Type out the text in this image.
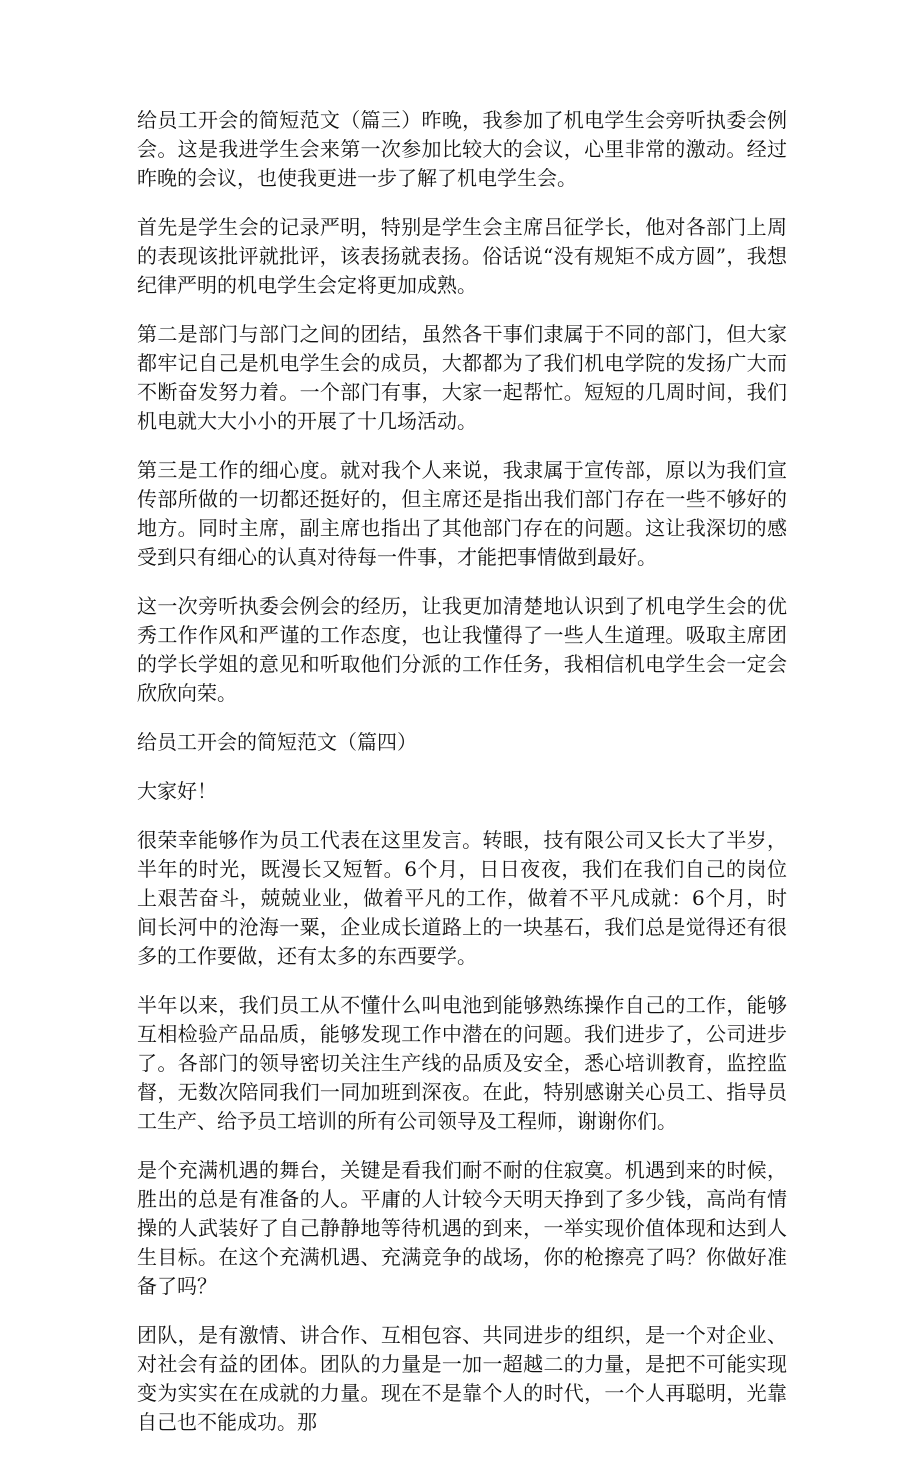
给员工开会的简短范文（篇三）昨晚，我参加了机电学生会旁听执委会例会。这是我进学生会来第一次参加比较大的会议，心里非常的激动。经过昨晚的会议，也使我更进一步了解了机电学生会。

首先是学生会的记录严明，特别是学生会主席吕征学长，他对各部门上周的表现该批评就批评，该表扬就表扬。俗话说“没有规矩不成方圆”，我想纪律严明的机电学生会定将更加成熟。

第二是部门与部门之间的团结，虽然各干事们隶属于不同的部门，但大家都牢记自己是机电学生会的成员，大都都为了我们机电学院的发扬广大而不断奋发努力着。一个部门有事，大家一起帮忙。短短的几周时间，我们机电就大大小小的开展了十几场活动。

第三是工作的细心度。就对我个人来说，我隶属于宣传部，原以为我们宣传部所做的一切都还挺好的，但主席还是指出我们部门存在一些不够好的地方。同时主席，副主席也指出了其他部门存在的问题。这让我深切的感受到只有细心的认真对待每一件事，才能把事情做到最好。

这一次旁听执委会例会的经历，让我更加清楚地认识到了机电学生会的优秀工作作风和严谨的工作态度，也让我懂得了一些人生道理。吸取主席团的学长学姐的意见和听取他们分派的工作任务，我相信机电学生会一定会欣欣向荣。

给员工开会的简短范文（篇四）

大家好！

很荣幸能够作为员工代表在这里发言。转眼，技有限公司又长大了半岁，半年的时光，既漫长又短暂。6个月，日日夜夜，我们在我们自己的岗位上艰苦奋斗，兢兢业业，做着平凡的工作，做着不平凡成就：6个月，时间长河中的沧海一粟，企业成长道路上的一块基石，我们总是觉得还有很多的工作要做，还有太多的东西要学。

半年以来，我们员工从不懂什么叫电池到能够熟练操作自己的工作，能够互相检验产品品质，能够发现工作中潜在的问题。我们进步了，公司进步了。各部门的领导密切关注生产线的品质及安全，悉心培训教育，监控监督，无数次陪同我们一同加班到深夜。在此，特别感谢关心员工、指导员工生产、给予员工培训的所有公司领导及工程师，谢谢你们。

是个充满机遇的舞台，关键是看我们耐不耐的住寂寞。机遇到来的时候，胜出的总是有准备的人。平庸的人计较今天明天挣到了多少钱，高尚有情操的人武装好了自己静静地等待机遇的到来，一举实现价值体现和达到人生目标。在这个充满机遇、充满竞争的战场，你的枪擦亮了吗？你做好准备了吗？

团队，是有激情、讲合作、互相包容、共同进步的组织，是一个对企业、对社会有益的团体。团队的力量是一加一超越二的力量，是把不可能实现变为实实在在成就的力量。现在不是靠个人的时代，一个人再聪明，光靠自己也不能成功。那
